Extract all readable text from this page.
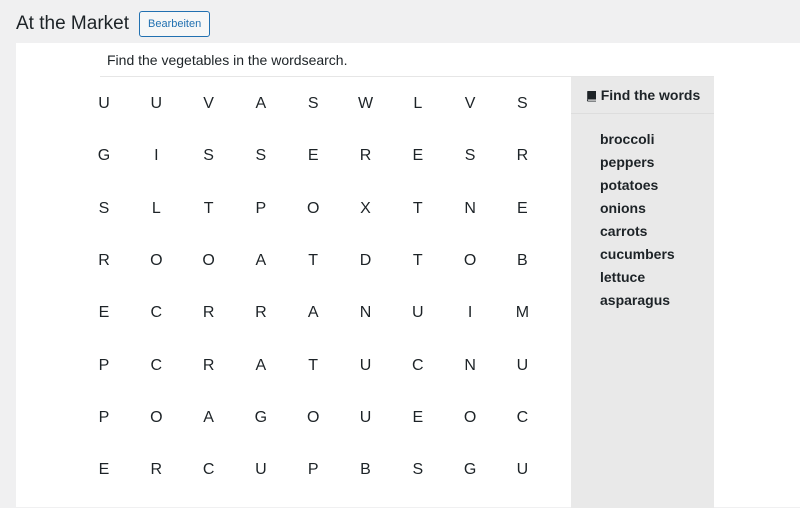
At the Market	Bearbeiten

Find the vegetables in the wordsearch.

U	U	V	A	S	W	L	V	S
G	I	S	S	E	R	E	S	R
S	L	T	P	O	X	T	N	E
R	O	O	A	T	D	T	O	B
E	C	R	R	A	N	U	I	M
P	C	R	A	T	U	C	N	U
P	O	A	G	O	U	E	O	C
E	R	C	U	P	B	S	G	U
Find the words
broccoli
peppers
potatoes
onions
carrots
cucumbers
lettuce
asparagus
